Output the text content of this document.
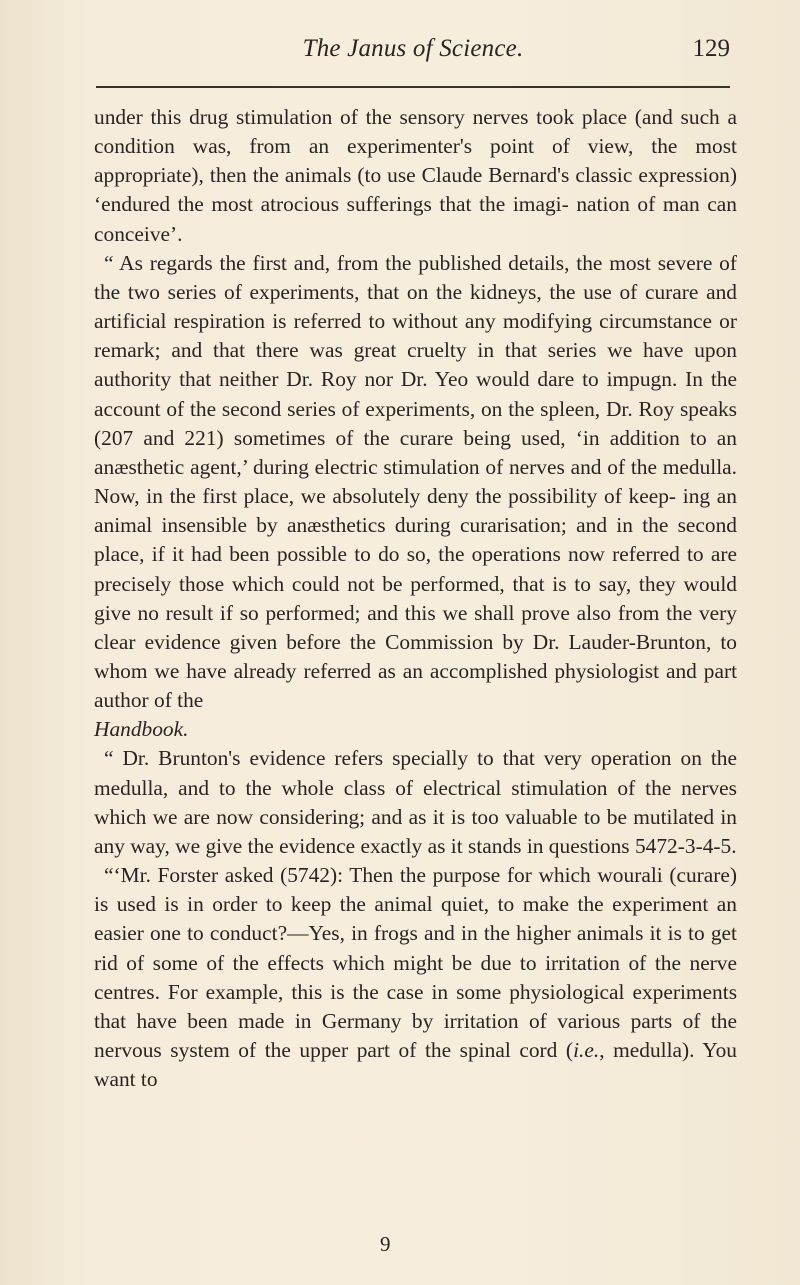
The Janus of Science.	129

under this drug stimulation of the sensory nerves took place (and such a condition was, from an experimenter's point of view, the most appropriate), then the animals (to use Claude Bernard's classic expression) ‘endured the most atrocious sufferings that the imagi- nation of man can conceive’.

“ As regards the first and, from the published details, the most severe of the two series of experiments, that on the kidneys, the use of curare and artificial respiration is referred to without any modifying circumstance or remark; and that there was great cruelty in that series we have upon authority that neither Dr. Roy nor Dr. Yeo would dare to impugn. In the account of the second series of experiments, on the spleen, Dr. Roy speaks (207 and 221) sometimes of the curare being used, ‘in addition to an anæsthetic agent,’ during electric stimulation of nerves and of the medulla. Now, in the first place, we absolutely deny the possibility of keep- ing an animal insensible by anæsthetics during curarisation; and in the second place, if it had been possible to do so, the operations now referred to are precisely those which could not be performed, that is to say, they would give no result if so performed; and this we shall prove also from the very clear evidence given before the Commission by Dr. Lauder-Brunton, to whom we have already referred as an accomplished physiologist and part author of the
Handbook.

“ Dr. Brunton's evidence refers specially to that very operation on the medulla, and to the whole class of electrical stimulation of the nerves which we are now considering; and as it is too valuable to be mutilated in any way, we give the evidence exactly as it stands in questions 5472-3-4-5.

“‘Mr. Forster asked (5742): Then the purpose for which wourali (curare) is used is in order to keep the animal quiet, to make the experiment an easier one to conduct?—Yes, in frogs and in the higher animals it is to get rid of some of the effects which might be due to irritation of the nerve centres. For example, this is the case in some physiological experiments that have been made in Germany by irritation of various parts of the nervous system of the upper part of the spinal cord (i.e., medulla). You want to

9
